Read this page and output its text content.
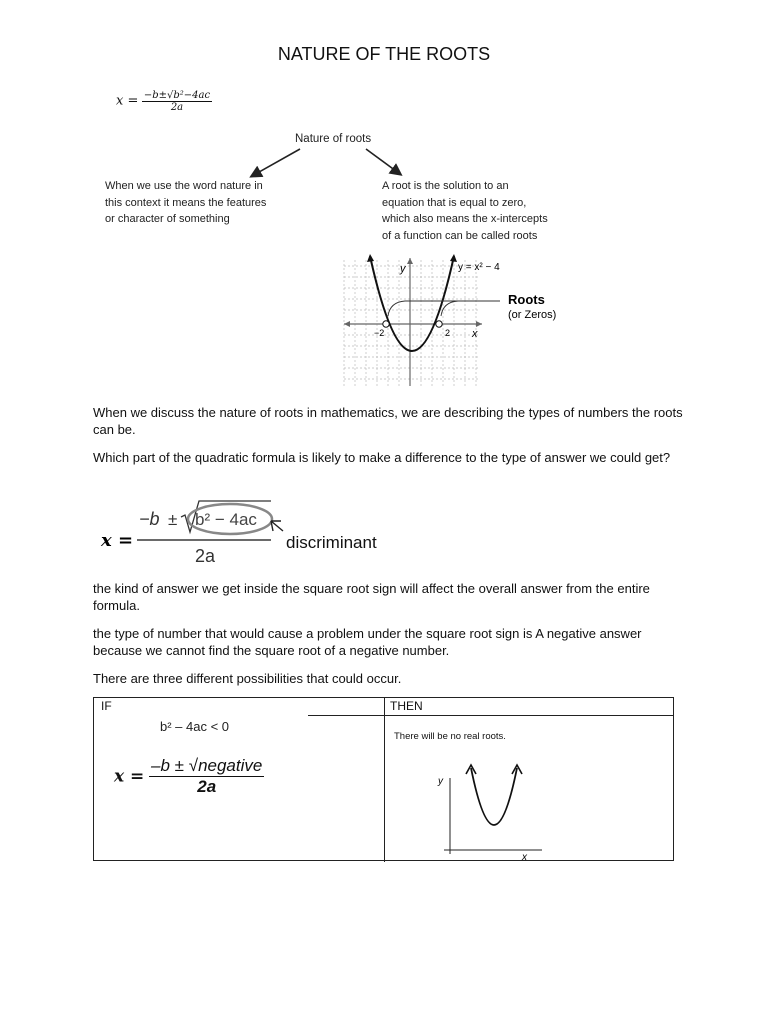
NATURE OF THE ROOTS
$x = \frac{\text{−b±√b²−4ac}}{2a}$
Nature of roots
When we use the word nature in
this context it means the features
or character of something
A root is the solution to an
equation that is equal to zero,
which also means the x-intercepts
of a function can be called roots
y	y = x² − 4
x
−2	2
Roots
(or Zeros)
When we discuss the nature of roots in mathematics, we are describing the types of numbers the roots can be.
Which part of the quadratic formula is likely to make a difference to the type of answer we could get?
x =
−b ± b² − 4ac
2a
discriminant
the kind of answer we get inside the square root sign will affect the overall answer from the entire formula.
the type of number that would cause a problem under the square root sign is A negative answer because we cannot find the square root of a negative number.
There are three different possibilities that could occur.
IF	THEN
b² – 4ac < 0
$x = \frac{\text{–b ± √negative}}{2a}$
There will be no real roots.
y
x
